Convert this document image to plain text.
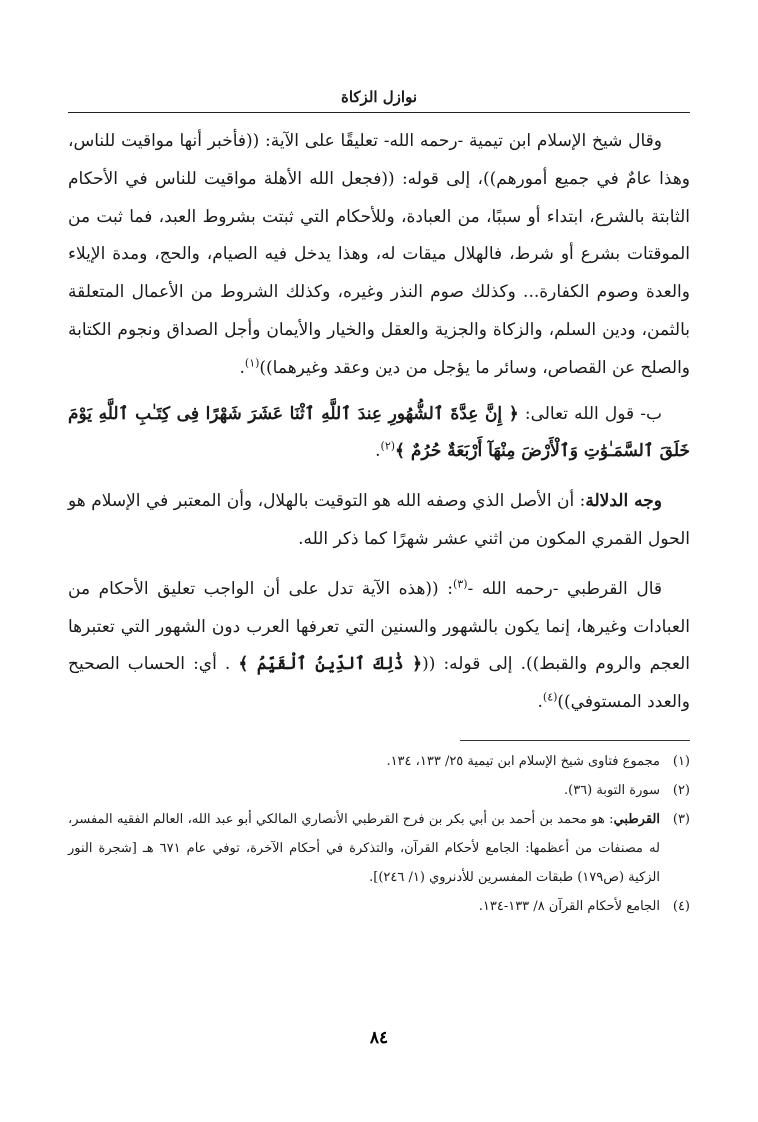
نوازل الزكاة

وقال شيخ الإسلام ابن تيمية -رحمه الله- تعليقًا على الآية: ((فأخبر أنها مواقيت للناس، وهذا عامٌ في جميع أمورهم))، إلى قوله: ((فجعل الله الأهلة مواقيت للناس في الأحكام الثابتة بالشرع، ابتداء أو سببًا، من العبادة، وللأحكام التي ثبتت بشروط العبد، فما ثبت من الموقتات بشرع أو شرط، فالهلال ميقات له، وهذا يدخل فيه الصيام، والحج، ومدة الإيلاء والعدة وصوم الكفارة... وكذلك صوم النذر وغيره، وكذلك الشروط من الأعمال المتعلقة بالثمن، ودين السلم، والزكاة والجزية والعقل والخيار والأيمان وأجل الصداق ونجوم الكتابة والصلح عن القصاص، وسائر ما يؤجل من دين وعقد وغيرهما))$^{(١)}$.

ب- قول الله تعالى: ﴿ إِنَّ عِدَّةَ ٱلشُّهُورِ عِندَ ٱللَّهِ ٱثْنَا عَشَرَ شَهْرًا فِى كِتَـٰبِ ٱللَّهِ يَوْمَ خَلَقَ ٱلسَّمَـٰوَٰتِ وَٱلْأَرْضَ مِنْهَآ أَرْبَعَةٌ حُرُمٌ ﴾$^{(٢)}$.

وجه الدلالة: أن الأصل الذي وصفه الله هو التوقيت بالهلال، وأن المعتبر في الإسلام هو الحول القمري المكون من اثني عشر شهرًا كما ذكر الله.

قال القرطبي -رحمه الله -$^{(٣)}$: ((هذه الآية تدل على أن الواجب تعليق الأحكام من العبادات وغيرها، إنما يكون بالشهور والسنين التي تعرفها العرب دون الشهور التي تعتبرها العجم والروم والقبط)). إلى قوله: ((﴿ ذَٰلِكَ ٱلدِّينُ ٱلْقَيِّمُ ﴾ . أي: الحساب الصحيح والعدد المستوفي))$^{(٤)}$.

(١)
مجموع فتاوى شيخ الإسلام ابن تيمية ٢٥/ ١٣٣، ١٣٤.
(٢)
سورة التوبة (٣٦).
(٣)
القرطبي: هو محمد بن أحمد بن أبي بكر بن فرح القرطبي الأنصاري المالكي أبو عبد الله، العالم الفقيه المفسر، له مصنفات من أعظمها: الجامع لأحكام القرآن، والتذكرة في أحكام الآخرة، توفي عام ٦٧١ هـ [شجرة النور الزكية (ص١٧٩) طبقات المفسرين للأدنروي (١/ ٢٤٦)].
(٤)
الجامع لأحكام القرآن ٨/ ١٣٣-١٣٤.
٨٤
